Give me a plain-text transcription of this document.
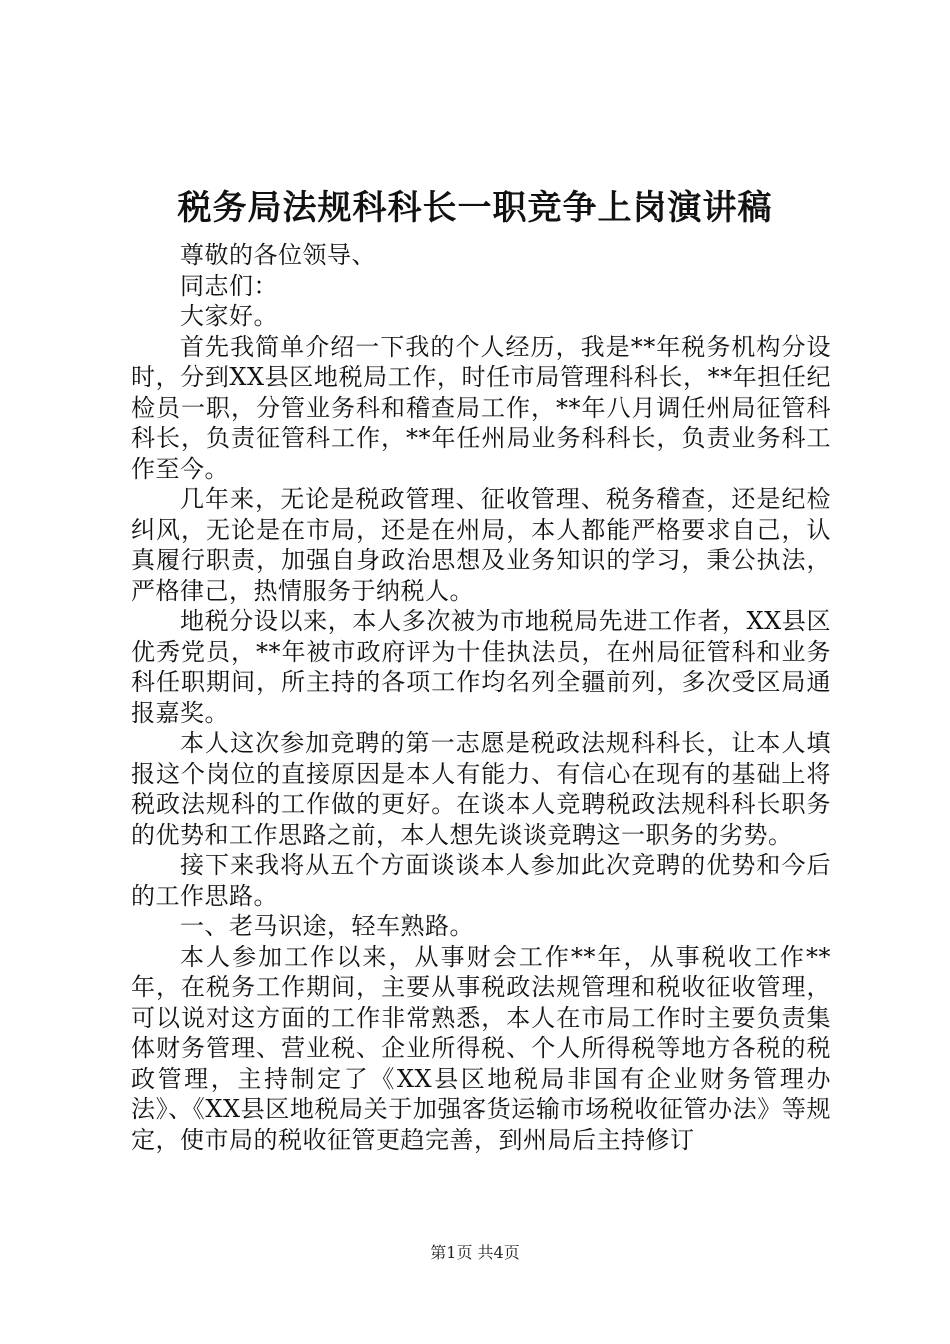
税务局法规科科长一职竞争上岗演讲稿

尊敬的各位领导、

同志们：

大家好。

首先我简单介绍一下我的个人经历，我是**年税务机构分设时，分到XX县区地税局工作，时任市局管理科科长，**年担任纪检员一职，分管业务科和稽查局工作，**年八月调任州局征管科科长，负责征管科工作，**年任州局业务科科长，负责业务科工作至今。

几年来，无论是税政管理、征收管理、税务稽查，还是纪检纠风，无论是在市局，还是在州局，本人都能严格要求自己，认真履行职责，加强自身政治思想及业务知识的学习，秉公执法，严格律己，热情服务于纳税人。

地税分设以来，本人多次被为市地税局先进工作者，XX县区优秀党员，**年被市政府评为十佳执法员，在州局征管科和业务科任职期间，所主持的各项工作均名列全疆前列，多次受区局通报嘉奖。

本人这次参加竞聘的第一志愿是税政法规科科长，让本人填报这个岗位的直接原因是本人有能力、有信心在现有的基础上将税政法规科的工作做的更好。在谈本人竞聘税政法规科科长职务的优势和工作思路之前，本人想先谈谈竞聘这一职务的劣势。

接下来我将从五个方面谈谈本人参加此次竞聘的优势和今后的工作思路。

一、老马识途，轻车熟路。

本人参加工作以来，从事财会工作**年，从事税收工作**年，在税务工作期间，主要从事税政法规管理和税收征收管理，可以说对这方面的工作非常熟悉，本人在市局工作时主要负责集体财务管理、营业税、企业所得税、个人所得税等地方各税的税政管理，主持制定了《XX县区地税局非国有企业财务管理办法》、《XX县区地税局关于加强客货运输市场税收征管办法》等规定，使市局的税收征管更趋完善，到州局后主持修订

第1页 共4页
